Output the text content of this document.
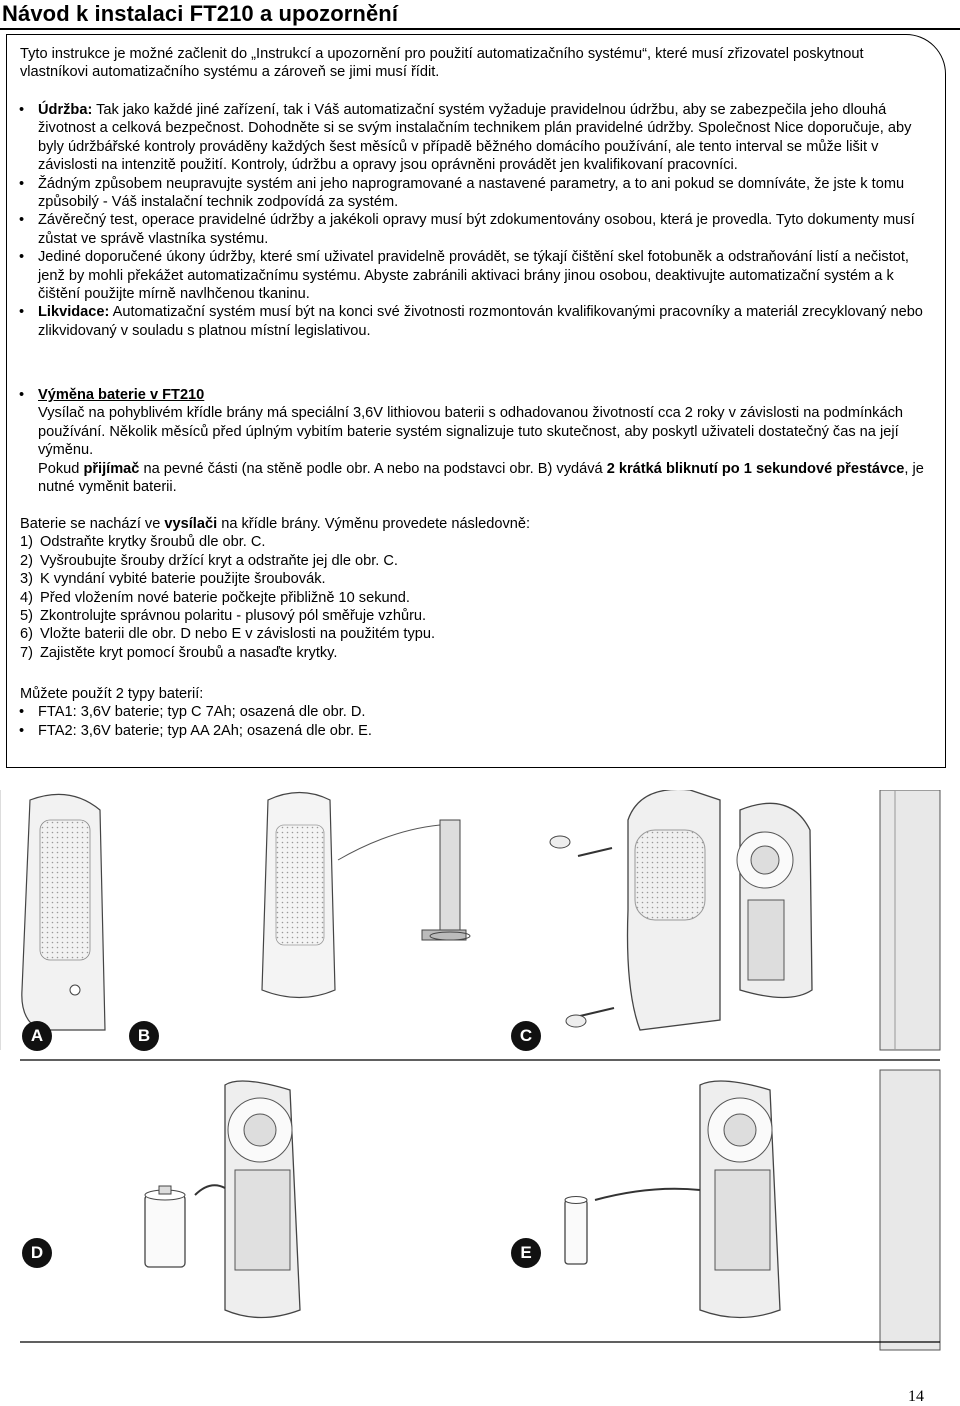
Návod k instalaci FT210 a upozornění

Tyto instrukce je možné začlenit do „Instrukcí a upozornění pro použití automatizačního systému“, které musí zřizovatel poskytnout vlastníkovi automatizačního systému a zároveň se jimi musí řídit.

• Údržba: Tak jako každé jiné zařízení, tak i Váš automatizační systém vyžaduje pravidelnou údržbu, aby se zabezpečila jeho dlouhá životnost a celková bezpečnost. Dohodněte si se svým instalačním technikem plán pravidelné údržby. Společnost Nice doporučuje, aby byly údržbářské kontroly prováděny každých šest měsíců v případě běžného domácího používání, ale tento interval se může lišit v závislosti na intenzitě použití. Kontroly, údržbu a opravy jsou oprávněni provádět jen kvalifikovaní pracovníci.

• Žádným způsobem neupravujte systém ani jeho naprogramované a nastavené parametry, a to ani pokud se domníváte, že jste k tomu způsobilý - Váš instalační technik zodpovídá za systém.

• Závěrečný test, operace pravidelné údržby a jakékoli opravy musí být zdokumentovány osobou, která je provedla. Tyto dokumenty musí zůstat ve správě vlastníka systému.

• Jediné doporučené úkony údržby, které smí uživatel pravidelně provádět, se týkají čištění skel fotobuněk a odstraňování listí a nečistot, jenž by mohli překážet automatizačnímu systému. Abyste zabránili aktivaci brány jinou osobou, deaktivujte automatizační systém a k čištění použijte mírně navlhčenou tkaninu.

• Likvidace: Automatizační systém musí být na konci své životnosti rozmontován kvalifikovanými pracovníky a materiál zrecyklovaný nebo zlikvidovaný v souladu s platnou místní legislativou.

• Výměna baterie v FT210

Vysílač na pohyblivém křídle brány má speciální 3,6V lithiovou baterii s odhadovanou životností cca 2 roky v závislosti na podmínkách používání. Několik měsíců před úplným vybitím baterie systém signalizuje tuto skutečnost, aby poskytl uživateli dostatečný čas na její výměnu.

Pokud přijímač na pevné části (na stěně podle obr. A nebo na podstavci obr. B) vydává 2 krátká bliknutí po 1 sekundové přestávce, je nutné vyměnit baterii.

Baterie se nachází ve vysílači na křídle brány. Výměnu provedete následovně:

1) Odstraňte krytky šroubů dle obr. C.
2) Vyšroubujte šrouby držící kryt a odstraňte jej dle obr. C.
3) K vyndání vybité baterie použijte šroubovák.
4) Před vložením nové baterie počkejte přibližně 10 sekund.
5) Zkontrolujte správnou polaritu - plusový pól směřuje vzhůru.
6) Vložte baterii dle obr. D nebo E v závislosti na použitém typu.
7) Zajistěte kryt pomocí šroubů a nasaďte krytky.

Můžete použít 2 typy baterií:

• FTA1: 3,6V baterie; typ C 7Ah; osazená dle obr. D.

• FTA2: 3,6V baterie; typ AA 2Ah; osazená dle obr. E.

A	B	C
D	E
14
